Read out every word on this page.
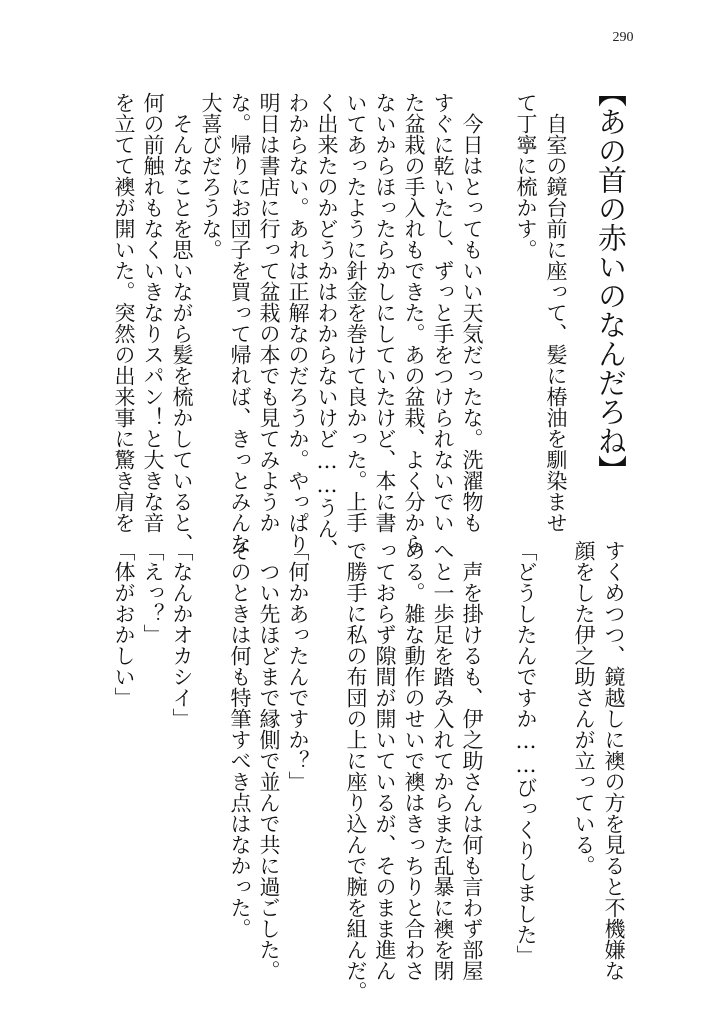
290
【あの首の赤いのなんだろね】
　自室の鏡台前に座って、髪に椿油を馴染ませ
て丁寧に梳かす。
　今日はとってもいい天気だったな。洗濯物も
すぐに乾いたし、ずっと手をつけられないでい
た盆栽の手入れもできた。あの盆栽、よく分から
ないからほったらかしにしていたけど、本に書
いてあったように針金を巻けて良かった。上手
く出来たのかどうかはわからないけど……うん、
わからない。あれは正解なのだろうか。やっぱり
明日は書店に行って盆栽の本でも見てみようか
な。帰りにお団子を買って帰れば、きっとみんな
大喜びだろうな。
　そんなことを思いながら髪を梳かしていると、
何の前触れもなくいきなりスパン！と大きな音
を立てて襖が開いた。突然の出来事に驚き肩を
すくめつつ、鏡越しに襖の方を見ると不機嫌な
顔をした伊之助さんが立っている。
「どうしたんですか……びっくりしました」
　声を掛けるも、伊之助さんは何も言わず部屋
へと一歩足を踏み入れてからまた乱暴に襖を閉
める。雑な動作のせいで襖はきっちりと合わさ
っておらず隙間が開いているが、そのまま進ん
で勝手に私の布団の上に座り込んで腕を組んだ。
「何かあったんですか？」
　つい先ほどまで縁側で並んで共に過ごした。
そのときは何も特筆すべき点はなかった。
「なんかオカシイ」
「えっ？」
「体がおかしい」
